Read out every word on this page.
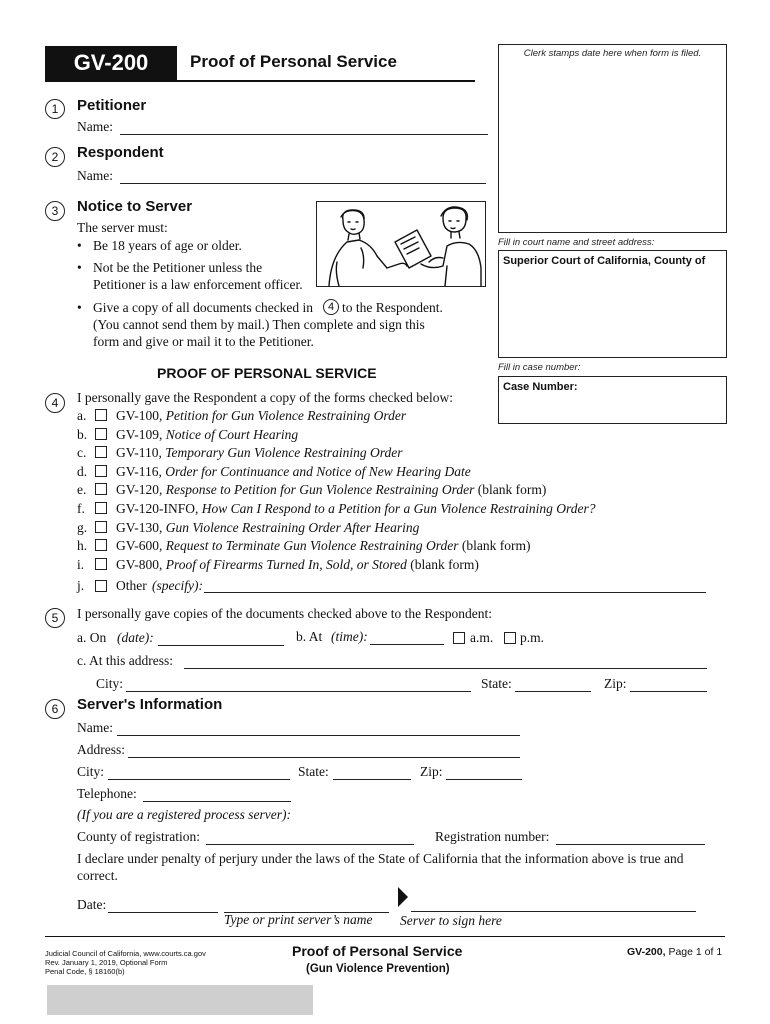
GV-200	Proof of Personal Service	Clerk stamps date here when form is filed.
Fill in court name and street address:
Superior Court of California, County of
Fill in case number:
Case Number:
1	Petitioner
Name:
2	Respondent
Name:
3	Notice to Server
The server must:
• Be 18 years of age or older.
• Not be the Petitioner unless the
Petitioner is a law enforcement officer.
• Give a copy of all documents checked in	4 to the Respondent.
(You cannot send them by mail.) Then complete and sign this
form and give or mail it to the Petitioner.
PROOF OF PERSONAL SERVICE
4	I personally gave the Respondent a copy of the forms checked below:
a. GV-100, Petition for Gun Violence Restraining Order
b. GV-109, Notice of Court Hearing
c. GV-110, Temporary Gun Violence Restraining Order
d. GV-116, Order for Continuance and Notice of New Hearing Date
e. GV-120, Response to Petition for Gun Violence Restraining Order (blank form)
f. GV-120-INFO, How Can I Respond to a Petition for a Gun Violence Restraining Order?
g. GV-130, Gun Violence Restraining Order After Hearing
h. GV-600, Request to Terminate Gun Violence Restraining Order (blank form)
i. GV-800, Proof of Firearms Turned In, Sold, or Stored (blank form)
j. Other (specify):
5	I personally gave copies of the documents checked above to the Respondent:
a. On (date):	b. At (time):	a.m. p.m.
c. At this address:
City:	State:	Zip:
6	Server's Information
Name:
Address:
City:	State:	Zip:
Telephone:
(If you are a registered process server):
County of registration:	Registration number:
I declare under penalty of perjury under the laws of the State of California that the information above is true and
correct.
Date:
Type or print server’s name Server to sign here
Judicial Council of California, www.courts.ca.gov
Rev. January 1, 2019, Optional Form
Penal Code, § 18160(b)
Proof of Personal Service
(Gun Violence Prevention)
GV-200, Page 1 of 1
